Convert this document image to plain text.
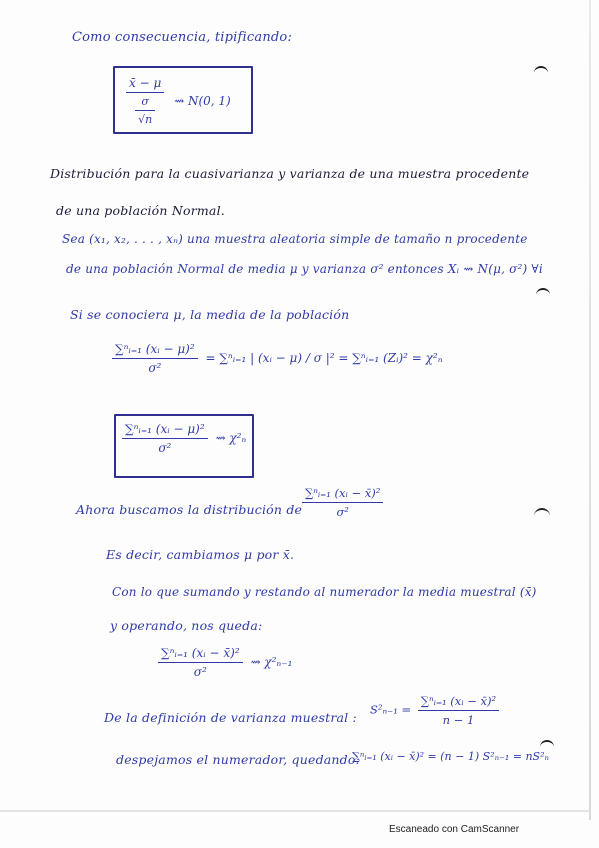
Como consecuencia, tipificando:
$\frac{x̄ - \mu}{\frac{\sigma}{√n}}$ ⇝ N(0, 1)
Distribución para la cuasivarianza y varianza de una muestra procedente
de una población Normal.
Sea (x₁, x₂, . . . , xₙ) una muestra aleatoria simple de tamaño n procedente
de una población Normal de media μ y varianza σ² entonces Xᵢ ⇝ N(μ, σ²) ∀i
Si se conociera μ, la media de la población
$\frac{\text{∑ⁿᵢ₌₁ (xᵢ − μ)²}}{\text{σ²}}$ = ∑ⁿᵢ₌₁ | (xᵢ − μ) / σ |² = ∑ⁿᵢ₌₁ (Zᵢ)² = χ²ₙ
$\frac{\text{∑ⁿᵢ₌₁ (xᵢ − μ)²}}{\text{σ²}}$ ⇝ χ²ₙ
Ahora buscamos la distribución de $\frac{\text{∑ⁿᵢ₌₁ (xᵢ − x̄)²}}{\text{σ²}}$
Es decir, cambiamos μ por x̄.
Con lo que sumando y restando al numerador la media muestral (x̄)
y operando, nos queda:
$\frac{\text{∑ⁿᵢ₌₁ (xᵢ − x̄)²}}{\text{σ²}}$ ⇝ χ²ₙ₋₁
De la definición de varianza muestral :
$S^2_{n-1} = \frac{\text{∑ⁿᵢ₌₁ (xᵢ − x̄)²}}{n - 1}$
despejamos el numerador, quedando:
∑ⁿᵢ₌₁ (xᵢ − x̄)² = (n − 1) S²ₙ₋₁ = nS²ₙ
Escaneado con CamScanner
